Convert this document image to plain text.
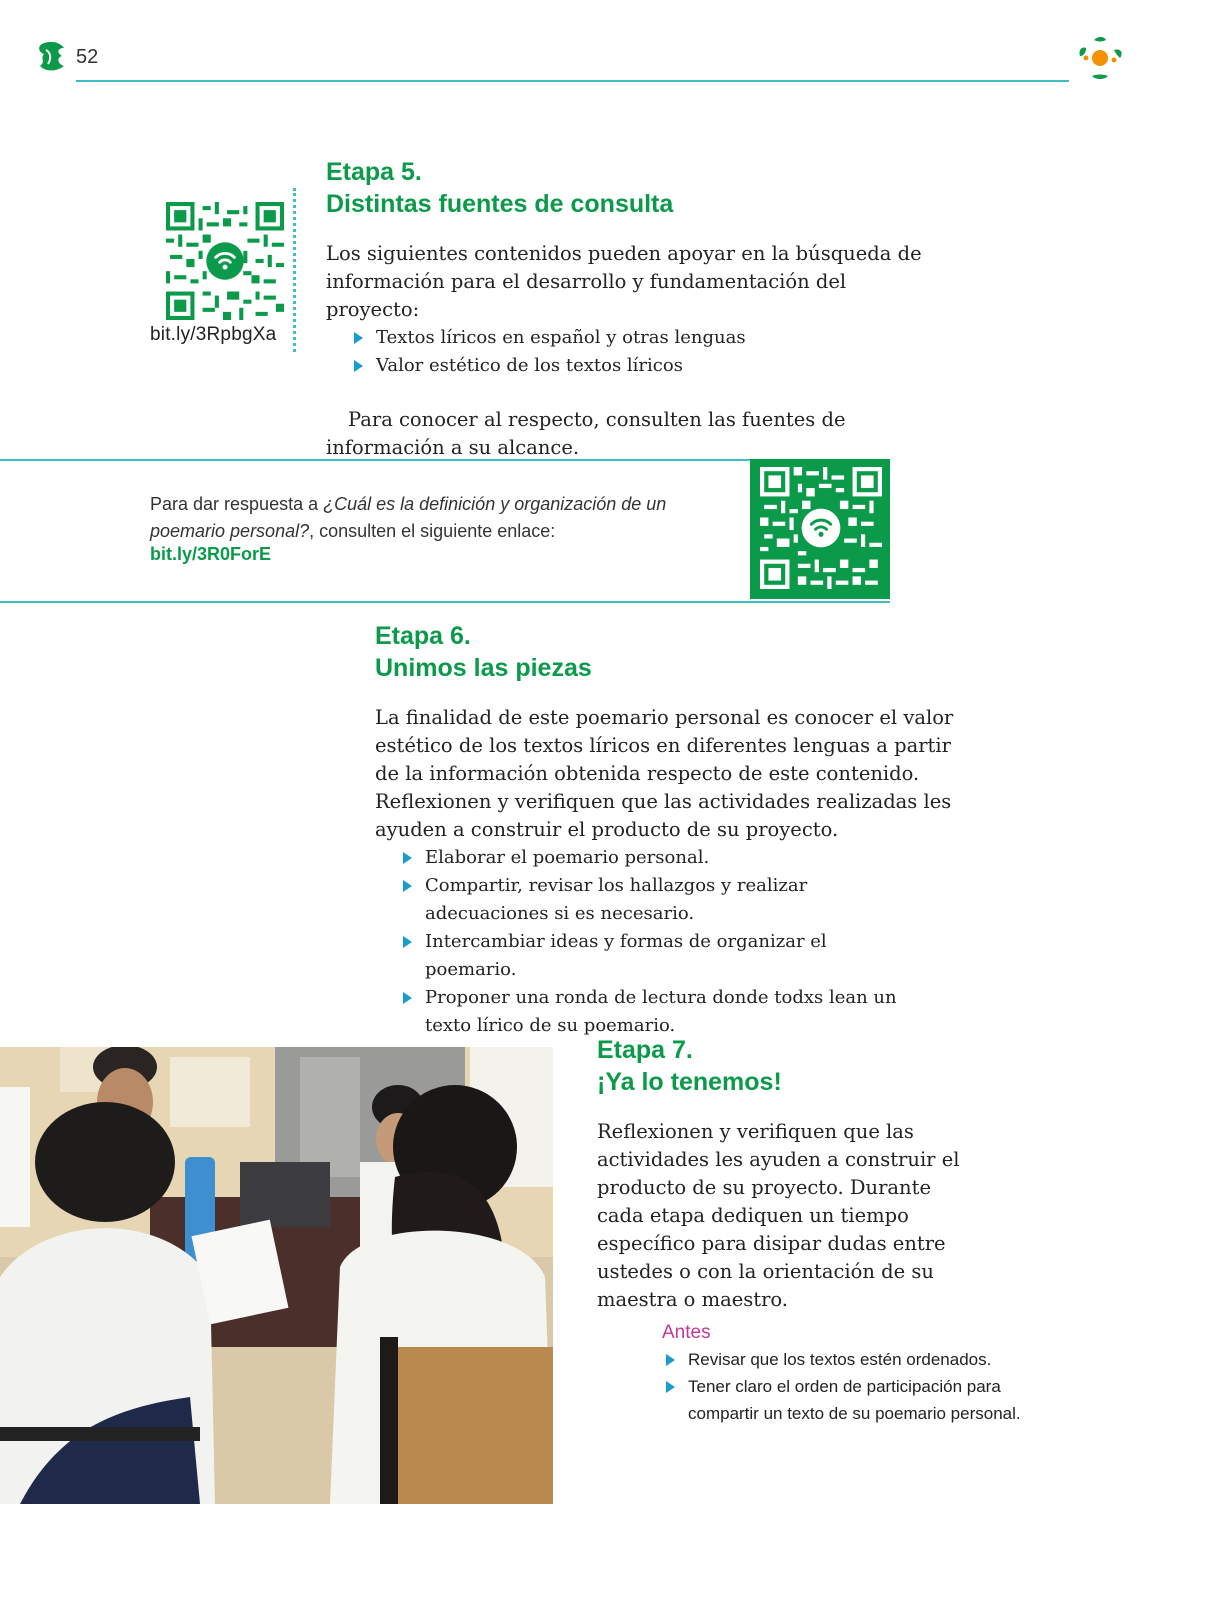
52
bit.ly/3RpbgXa
Etapa 5.
Distintas fuentes de consulta

Los siguientes contenidos pueden apoyar en la búsqueda de información para el desarrollo y fundamentación del proyecto:

Textos líricos en español y otras lenguas
Valor estético de los textos líricos

Para conocer al respecto, consulten las fuentes de información a su alcance.

Para dar respuesta a ¿Cuál es la definición y organización de un poemario personal?, consulten el siguiente enlace:
bit.ly/3R0ForE
Etapa 6.
Unimos las piezas

La finalidad de este poemario personal es conocer el valor estético de los textos líricos en diferentes lenguas a partir de la información obtenida respecto de este contenido. Reflexionen y verifiquen que las actividades realizadas les ayuden a construir el producto de su proyecto.

Elaborar el poemario personal.
Compartir, revisar los hallazgos y realizar adecuaciones si es necesario.
Intercambiar ideas y formas de organizar el poemario.
Proponer una ronda de lectura donde todxs lean un texto lírico de su poemario.
Etapa 7.
¡Ya lo tenemos!

Reflexionen y verifiquen que las actividades les ayuden a construir el producto de su proyecto. Durante cada etapa dediquen un tiempo específico para disipar dudas entre ustedes o con la orientación de su maestra o maestro.

Antes
Revisar que los textos estén ordenados.
Tener claro el orden de participación para compartir un texto de su poemario personal.
